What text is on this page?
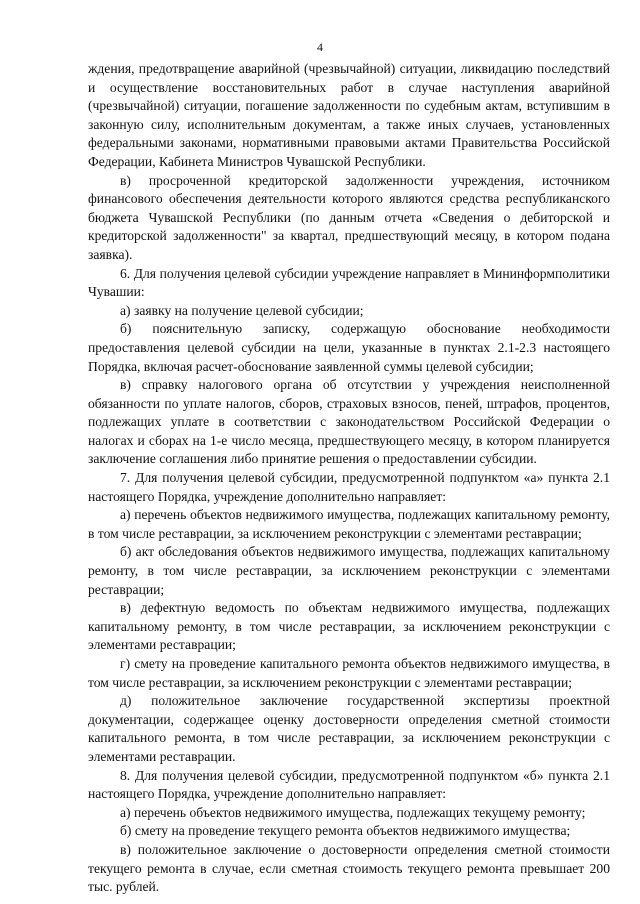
4

ждения, предотвращение аварийной (чрезвычайной) ситуации, ликвидацию последствий и осуществление восстановительных работ в случае наступления аварийной (чрезвычайной) ситуации, погашение задолженности по судебным актам, вступившим в законную силу, исполнительным документам, а также иных случаев, установленных федеральными законами, нормативными правовыми актами Правительства Российской Федерации, Кабинета Министров Чувашской Республики.

в) просроченной кредиторской задолженности учреждения, источником финансового обеспечения деятельности которого являются средства республиканского бюджета Чувашской Республики (по данным отчета «Сведения о дебиторской и кредиторской задолженности" за квартал, предшествующий месяцу, в котором подана заявка).

6. Для получения целевой субсидии учреждение направляет в Мининформполитики Чувашии:

а) заявку на получение целевой субсидии;

б) пояснительную записку, содержащую обоснование необходимости предоставления целевой субсидии на цели, указанные в пунктах 2.1-2.3 настоящего Порядка, включая расчет-обоснование заявленной суммы целевой субсидии;

в) справку налогового органа об отсутствии у учреждения неисполненной обязанности по уплате налогов, сборов, страховых взносов, пеней, штрафов, процентов, подлежащих уплате в соответствии с законодательством Российской Федерации о налогах и сборах на 1-е число месяца, предшествующего месяцу, в котором планируется заключение соглашения либо принятие решения о предоставлении субсидии.

7. Для получения целевой субсидии, предусмотренной подпунктом «а» пункта 2.1 настоящего Порядка, учреждение дополнительно направляет:

а) перечень объектов недвижимого имущества, подлежащих капитальному ремонту, в том числе реставрации, за исключением реконструкции с элементами реставрации;

б) акт обследования объектов недвижимого имущества, подлежащих капитальному ремонту, в том числе реставрации, за исключением реконструкции с элементами реставрации;

в) дефектную ведомость по объектам недвижимого имущества, подлежащих капитальному ремонту, в том числе реставрации, за исключением реконструкции с элементами реставрации;

г) смету на проведение капитального ремонта объектов недвижимого имущества, в том числе реставрации, за исключением реконструкции с элементами реставрации;

д) положительное заключение государственной экспертизы проектной документации, содержащее оценку достоверности определения сметной стоимости капитального ремонта, в том числе реставрации, за исключением реконструкции с элементами реставрации.

8. Для получения целевой субсидии, предусмотренной подпунктом «б» пункта 2.1 настоящего Порядка, учреждение дополнительно направляет:

а) перечень объектов недвижимого имущества, подлежащих текущему ремонту;

б) смету на проведение текущего ремонта объектов недвижимого имущества;

в) положительное заключение о достоверности определения сметной стоимости текущего ремонта в случае, если сметная стоимость текущего ремонта превышает 200 тыс. рублей.
